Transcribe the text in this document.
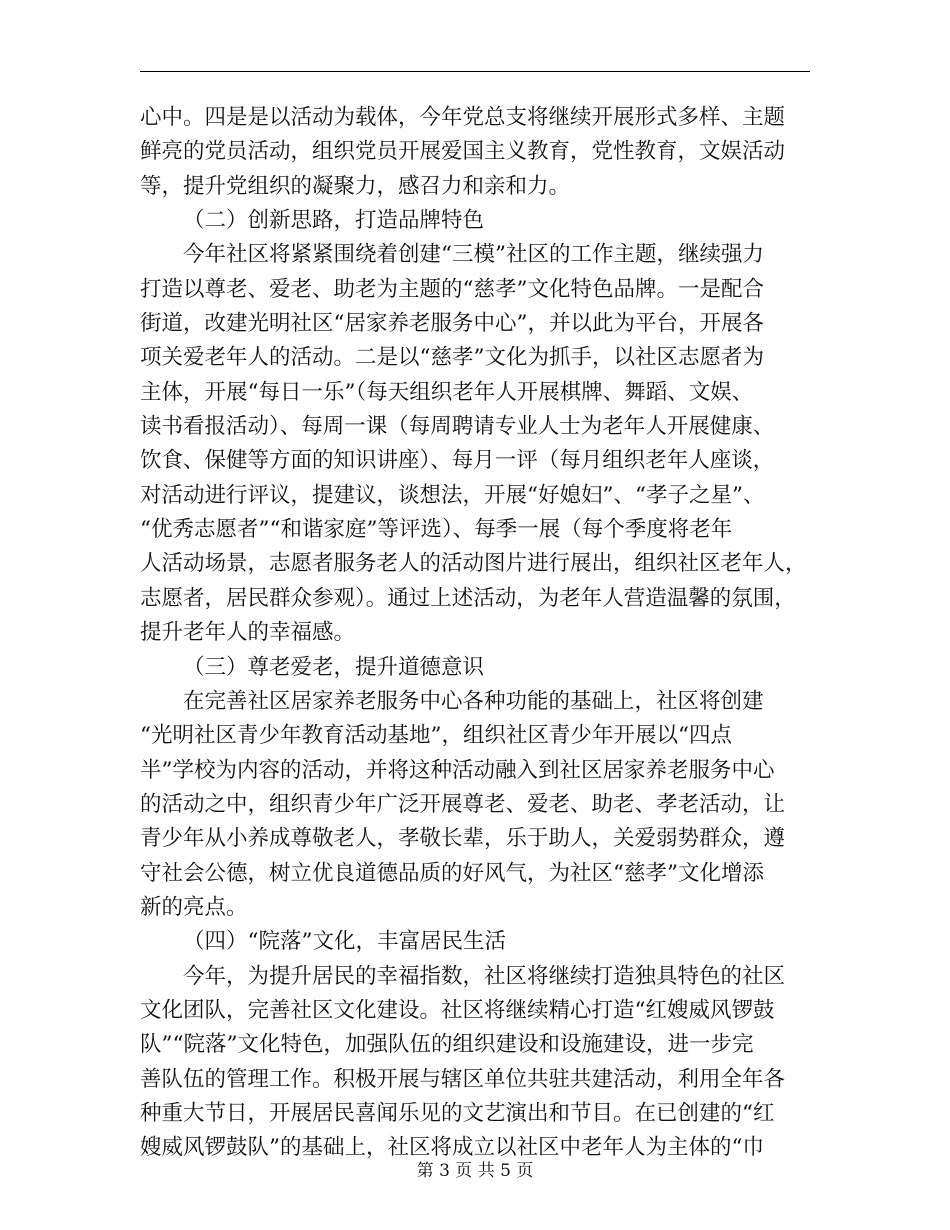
心中。四是是以活动为载体，今年党总支将继续开展形式多样、主题
鲜亮的党员活动，组织党员开展爱国主义教育，党性教育，文娱活动
等，提升党组织的凝聚力，感召力和亲和力。
（二）创新思路，打造品牌特色
今年社区将紧紧围绕着创建“三模”社区的工作主题，继续强力
打造以尊老、爱老、助老为主题的“慈孝”文化特色品牌。一是配合
街道，改建光明社区“居家养老服务中心”，并以此为平台，开展各
项关爱老年人的活动。二是以“慈孝”文化为抓手，以社区志愿者为
主体，开展“每日一乐”（每天组织老年人开展棋牌、舞蹈、文娱、
读书看报活动）、每周一课（每周聘请专业人士为老年人开展健康、
饮食、保健等方面的知识讲座）、每月一评（每月组织老年人座谈，
对活动进行评议，提建议，谈想法，开展“好媳妇”、“孝子之星”、
“优秀志愿者”“和谐家庭”等评选）、每季一展（每个季度将老年
人活动场景，志愿者服务老人的活动图片进行展出，组织社区老年人，
志愿者，居民群众参观）。通过上述活动，为老年人营造温馨的氛围，
提升老年人的幸福感。
（三）尊老爱老，提升道德意识
在完善社区居家养老服务中心各种功能的基础上，社区将创建
“光明社区青少年教育活动基地”，组织社区青少年开展以“四点
半”学校为内容的活动，并将这种活动融入到社区居家养老服务中心
的活动之中，组织青少年广泛开展尊老、爱老、助老、孝老活动，让
青少年从小养成尊敬老人，孝敬长辈，乐于助人，关爱弱势群众，遵
守社会公德，树立优良道德品质的好风气，为社区“慈孝”文化增添
新的亮点。
（四）“院落”文化，丰富居民生活
今年，为提升居民的幸福指数，社区将继续打造独具特色的社区
文化团队，完善社区文化建设。社区将继续精心打造“红嫂威风锣鼓
队”“院落”文化特色，加强队伍的组织建设和设施建设，进一步完
善队伍的管理工作。积极开展与辖区单位共驻共建活动，利用全年各
种重大节日，开展居民喜闻乐见的文艺演出和节目。在已创建的“红
嫂威风锣鼓队”的基础上，社区将成立以社区中老年人为主体的“巾
第 3 页 共 5 页
